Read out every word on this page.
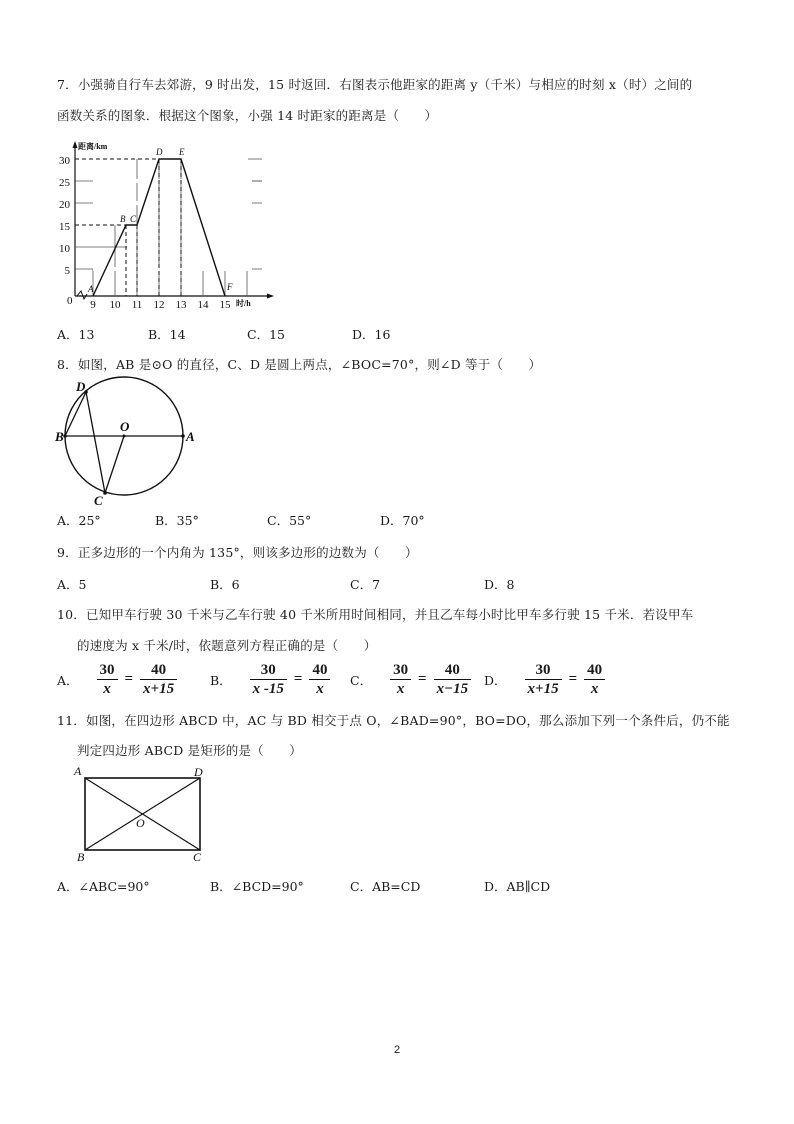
7．小强骑自行车去郊游，9 时出发，15 时返回．右图表示他距家的距离 y（千米）与相应的时刻 x（时）之间的
函数关系的图象．根据这个图象，小强 14 时距家的距离是（　　）
5
10
15
20
25
30
9 10 11 12 13 14 15
0
距离/km
时/h
A
B C
D E
F
A．13	B．14	C．15	D．16
8．如图，AB 是⊙O 的直径，C、D 是圆上两点，∠BOC=70°，则∠D 等于（　　）
D
B
O
A
C
A．25°	B．35°	C．55°	D．70°
9．正多边形的一个内角为 135°，则该多边形的边数为（　　）
A．5	B．6	C．7	D．8
10．已知甲车行驶 30 千米与乙车行驶 40 千米所用时间相同，并且乙车每小时比甲车多行驶 15 千米．若设甲车
的速度为 x 千米/时，依题意列方程正确的是（　　）
A． $\frac{30}{x} = \frac{40}{x+15}$	B． $\frac{30}{x -15} = \frac{40}{x}$ C． $\frac{30}{x} = \frac{40}{x-15}$ D． $\frac{30}{x+15} = \frac{40}{x}$
11．如图，在四边形 ABCD 中，AC 与 BD 相交于点 O，∠BAD=90°，BO=DO，那么添加下列一个条件后，仍不能
判定四边形 ABCD 是矩形的是（　　）
A	D
O
B	C
A．∠ABC=90°	B．∠BCD=90°	C．AB=CD	D．AB∥CD
2
